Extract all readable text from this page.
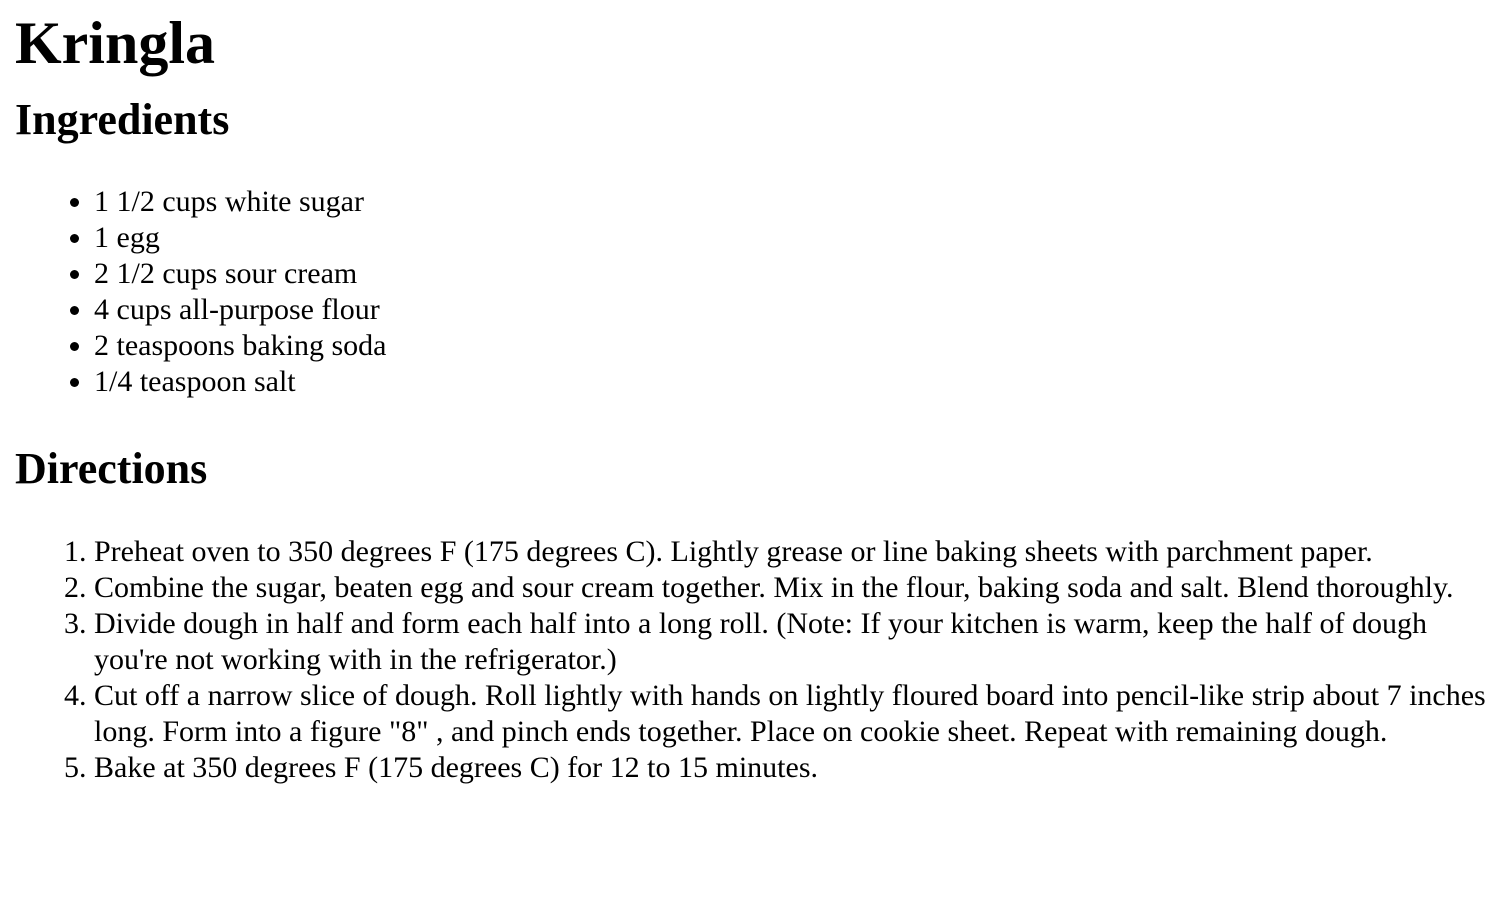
Kringla
Ingredients
• 1 1/2 cups white sugar
• 1 egg
• 2 1/2 cups sour cream
• 4 cups all-purpose flour
• 2 teaspoons baking soda
• 1/4 teaspoon salt
Directions
1. Preheat oven to 350 degrees F (175 degrees C). Lightly grease or line baking sheets with parchment paper.
2. Combine the sugar, beaten egg and sour cream together. Mix in the flour, baking soda and salt. Blend thoroughly.
3. Divide dough in half and form each half into a long roll. (Note: If your kitchen is warm, keep the half of dough you're not working with in the refrigerator.)
4. Cut off a narrow slice of dough. Roll lightly with hands on lightly floured board into pencil-like strip about 7 inches long. Form into a figure "8" , and pinch ends together. Place on cookie sheet. Repeat with remaining dough.
5. Bake at 350 degrees F (175 degrees C) for 12 to 15 minutes.
